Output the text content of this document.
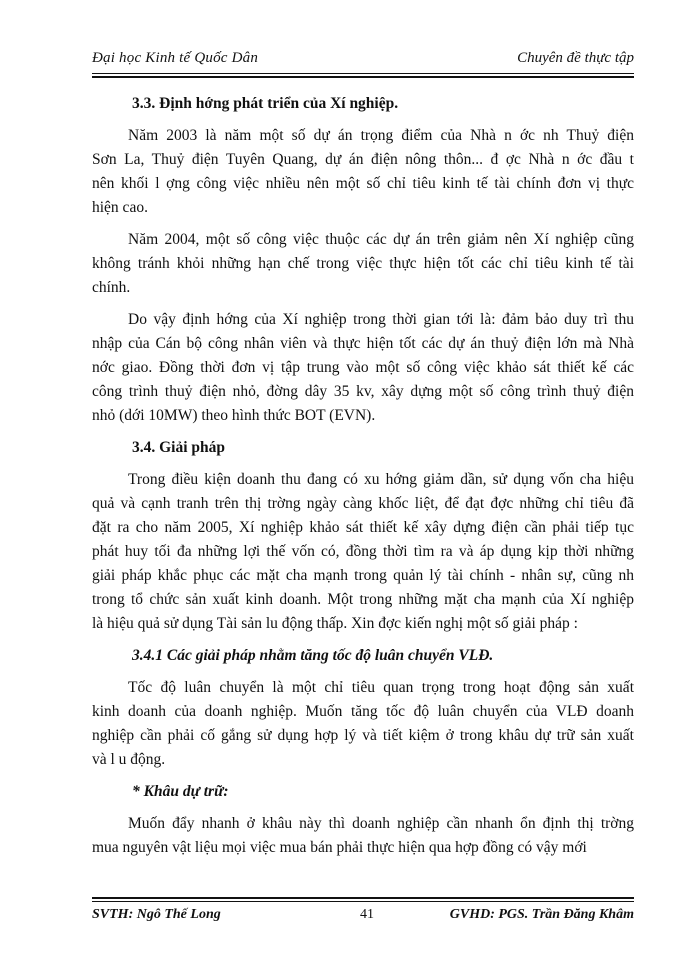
Đại học Kinh tế Quốc Dân	Chuyên đề thực tập
3.3. Định hớng phát triển của Xí nghiệp.
Năm 2003 là năm một số dự án trọng điểm của Nhà n ớc nh Thuỷ điện
Sơn La, Thuỷ điện Tuyên Quang, dự án điện nông thôn... đ ợc Nhà n ớc đầu t
nên khối l ợng công việc nhiều nên một số chỉ tiêu kinh tế tài chính đơn vị thực
hiện cao.
Năm 2004, một số công việc thuộc các dự án trên giảm nên Xí nghiệp cũng
không tránh khỏi những hạn chế trong việc thực hiện tốt các chỉ tiêu kinh tế tài
chính.
Do vậy định hớng của Xí nghiệp trong thời gian tới là: đảm bảo duy trì thu
nhập của Cán bộ công nhân viên và thực hiện tốt các dự án thuỷ điện lớn mà Nhà
nớc giao. Đồng thời đơn vị tập trung vào một số công việc khảo sát thiết kế các
công trình thuỷ điện nhỏ, đờng dây 35 kv, xây dựng một số công trình thuỷ điện
nhỏ (dới 10MW) theo hình thức BOT (EVN).
3.4. Giải pháp
Trong điều kiện doanh thu đang có xu hớng giảm dần, sử dụng vốn cha hiệu
quả và cạnh tranh trên thị trờng ngày càng khốc liệt, để đạt đợc những chỉ tiêu đã
đặt ra cho năm 2005, Xí nghiệp khảo sát thiết kế xây dựng điện cần phải tiếp tục
phát huy tối đa những lợi thế vốn có, đồng thời tìm ra và áp dụng kịp thời những
giải pháp khắc phục các mặt cha mạnh trong quản lý tài chính - nhân sự, cũng nh
trong tổ chức sản xuất kinh doanh. Một trong những mặt cha mạnh của Xí nghiệp
là hiệu quả sử dụng Tài sản lu động thấp. Xin đợc kiến nghị một số giải pháp :
3.4.1 Các giải pháp nhằm tăng tốc độ luân chuyển VLĐ.
Tốc độ luân chuyển là một chỉ tiêu quan trọng trong hoạt động sản xuất
kinh doanh của doanh nghiệp. Muốn tăng tốc độ luân chuyển của VLĐ doanh
nghiệp cần phải cố gắng sử dụng hợp lý và tiết kiệm ở trong khâu dự trữ sản xuất
và l u động.
* Khâu dự trữ:
Muốn đẩy nhanh ở khâu này thì doanh nghiệp cần nhanh ổn định thị trờng
mua nguyên vật liệu mọi việc mua bán phải thực hiện qua hợp đồng có vậy mới
SVTH: Ngô Thế Long	41	GVHD: PGS. Trần Đăng Khâm
